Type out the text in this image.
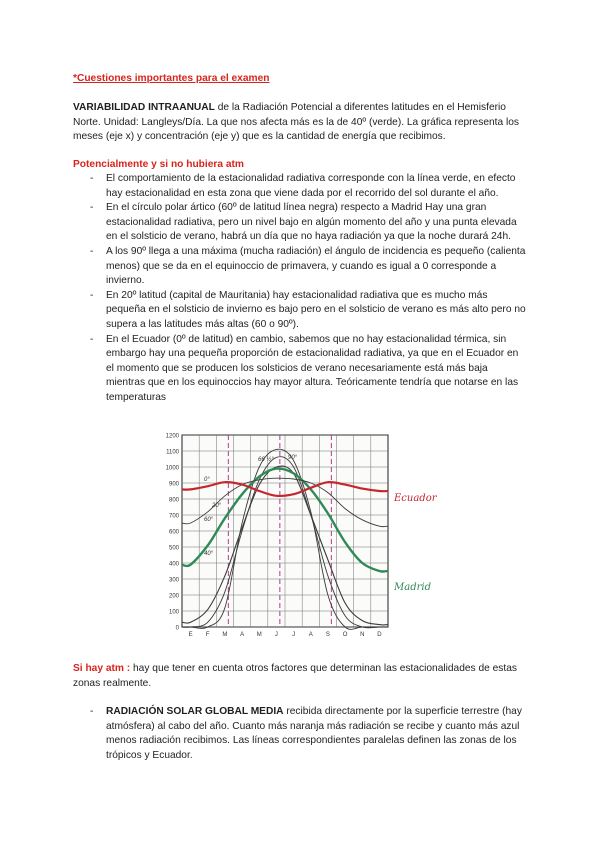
*Cuestiones importantes para el examen

VARIABILIDAD INTRAANUAL de la Radiación Potencial a diferentes latitudes en el Hemisferio Norte. Unidad: Langleys/Día. La que nos afecta más es la de 40º (verde). La gráfica representa los meses (eje x) y concentración (eje y) que es la cantidad de energía que recibimos.

Potencialmente y si no hubiera atm

- El comportamiento de la estacionalidad radiativa corresponde con la línea verde, en efecto hay estacionalidad en esta zona que viene dada por el recorrido del sol durante el año.
- En el círculo polar ártico (60º de latitud línea negra) respecto a Madrid Hay una gran estacionalidad radiativa, pero un nivel bajo en algún momento del año y una punta elevada en el solsticio de verano, habrá un día que no haya radiación ya que la noche durará 24h.
- A los 90º llega a una máxima (mucha radiación) el ángulo de incidencia es pequeño (calienta menos) que se da en el equinoccio de primavera, y cuando es igual a 0 corresponde a invierno.
- En 20º latitud (capital de Mauritania) hay estacionalidad radiativa que es mucho más pequeña en el solsticio de invierno es bajo pero en el solsticio de verano es más alto pero no supera a las latitudes más altas (60 o 90º).
- En el Ecuador (0º de latitud) en cambio, sabemos que no hay estacionalidad térmica, sin embargo hay una pequeña proporción de estacionalidad radiativa, ya que en el Ecuador en el momento que se producen los solsticios de verano necesariamente está más baja mientras que en los equinoccios hay mayor altura. Teóricamente tendría que notarse en las temperaturas
1200
1100
1000
900
800
700
600
500
400
300
200
100
0
E F M A M J J A S O N D
66 ½° 90°
0°
60°
20°
40°
Ecuador
Madrid

Si hay atm : hay que tener en cuenta otros factores que determinan las estacionalidades de estas zonas realmente.

- RADIACIÓN SOLAR GLOBAL MEDIA recibida directamente por la superficie terrestre (hay atmósfera) al cabo del año. Cuanto más naranja más radiación se recibe y cuanto más azul menos radiación recibimos. Las líneas correspondientes paralelas definen las zonas de los trópicos y Ecuador.
